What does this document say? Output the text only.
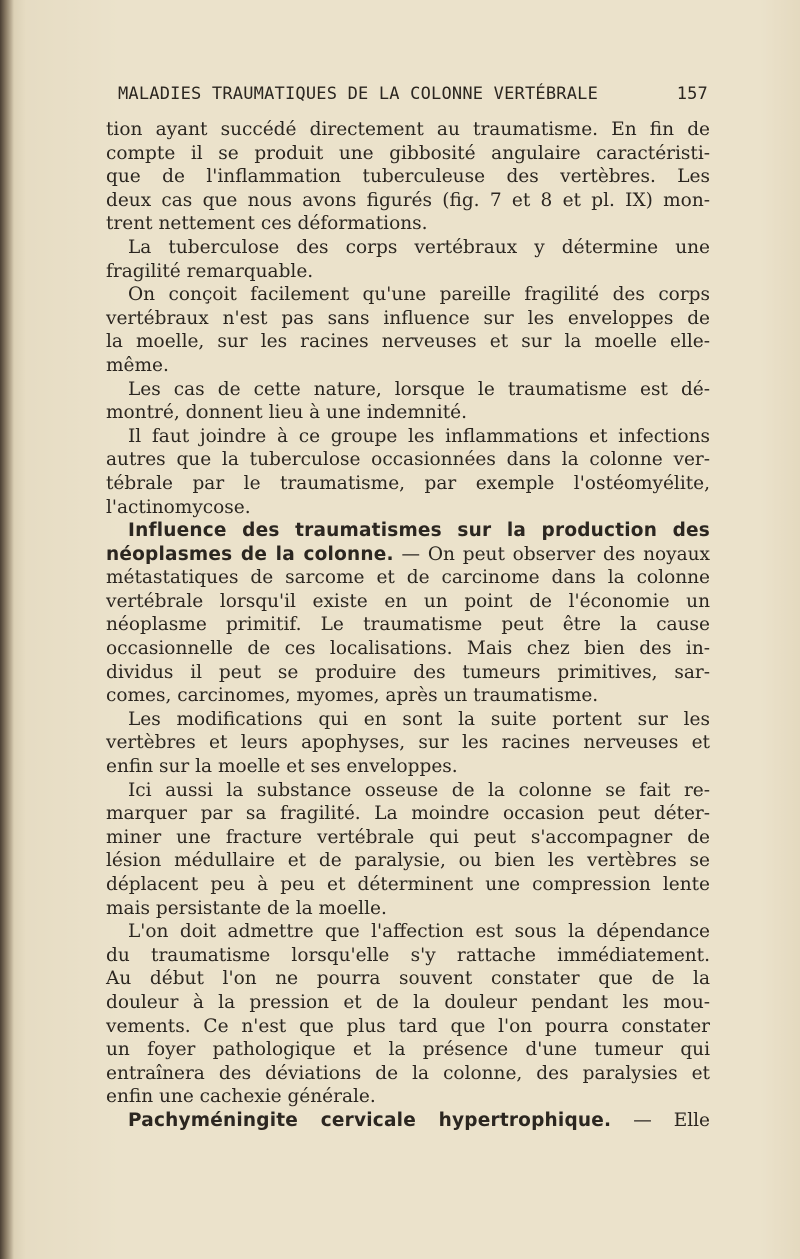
MALADIES TRAUMATIQUES DE LA COLONNE VERTÉBRALE	157
tion ayant succédé directement au traumatisme. En fin de
compte il se produit une gibbosité angulaire caractéristi-
que de l'inflammation tuberculeuse des vertèbres. Les
deux cas que nous avons figurés (fig. 7 et 8 et pl. IX) mon-
trent nettement ces déformations.
La tuberculose des corps vertébraux y détermine une
fragilité remarquable.
On conçoit facilement qu'une pareille fragilité des corps
vertébraux n'est pas sans influence sur les enveloppes de
la moelle, sur les racines nerveuses et sur la moelle elle-
même.
Les cas de cette nature, lorsque le traumatisme est dé-
montré, donnent lieu à une indemnité.
Il faut joindre à ce groupe les inflammations et infections
autres que la tuberculose occasionnées dans la colonne ver-
tébrale par le traumatisme, par exemple l'ostéomyélite,
l'actinomycose.
Influence des traumatismes sur la production des
néoplasmes de la colonne. — On peut observer des noyaux
métastatiques de sarcome et de carcinome dans la colonne
vertébrale lorsqu'il existe en un point de l'économie un
néoplasme primitif. Le traumatisme peut être la cause
occasionnelle de ces localisations. Mais chez bien des in-
dividus il peut se produire des tumeurs primitives, sar-
comes, carcinomes, myomes, après un traumatisme.
Les modifications qui en sont la suite portent sur les
vertèbres et leurs apophyses, sur les racines nerveuses et
enfin sur la moelle et ses enveloppes.
Ici aussi la substance osseuse de la colonne se fait re-
marquer par sa fragilité. La moindre occasion peut déter-
miner une fracture vertébrale qui peut s'accompagner de
lésion médullaire et de paralysie, ou bien les vertèbres se
déplacent peu à peu et déterminent une compression lente
mais persistante de la moelle.
L'on doit admettre que l'affection est sous la dépendance
du traumatisme lorsqu'elle s'y rattache immédiatement.
Au début l'on ne pourra souvent constater que de la
douleur à la pression et de la douleur pendant les mou-
vements. Ce n'est que plus tard que l'on pourra constater
un foyer pathologique et la présence d'une tumeur qui
entraînera des déviations de la colonne, des paralysies et
enfin une cachexie générale.
Pachyméningite cervicale hypertrophique. — Elle
